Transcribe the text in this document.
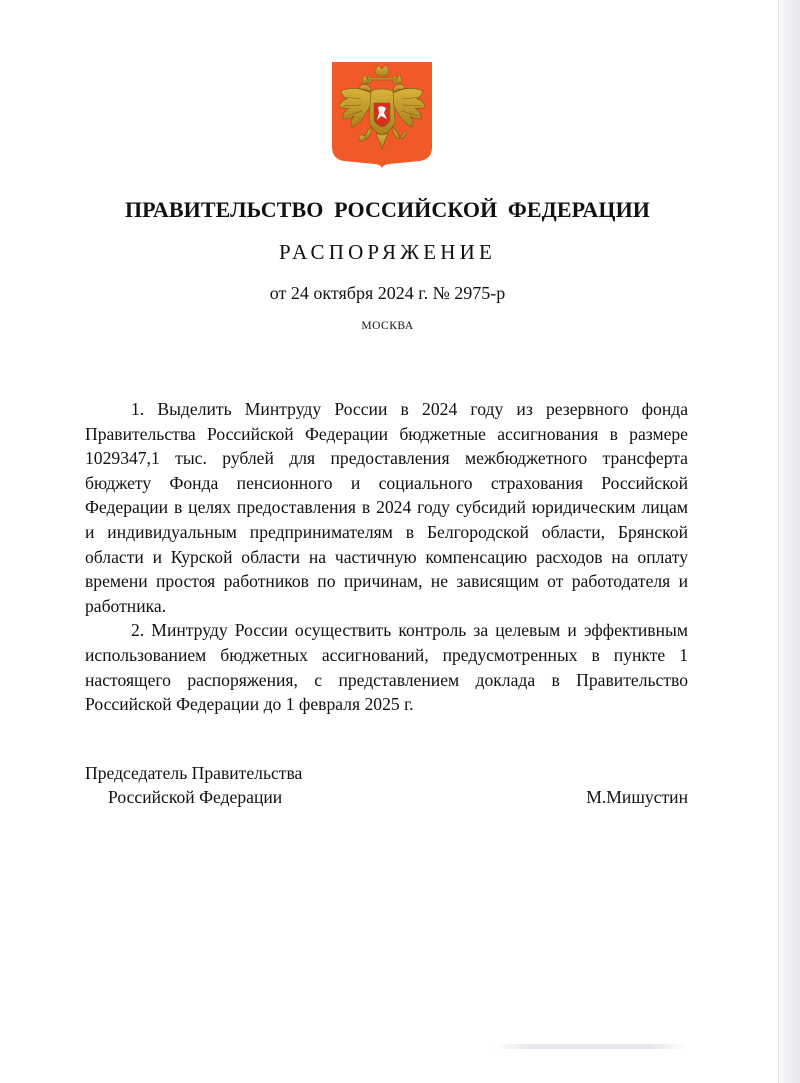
ПРАВИТЕЛЬСТВО РОССИЙСКОЙ ФЕДЕРАЦИИ
РАСПОРЯЖЕНИЕ
от 24 октября 2024 г. № 2975-р
МОСКВА

1. Выделить Минтруду России в 2024 году из резервного фонда Правительства Российской Федерации бюджетные ассигнования в размере 1029347,1 тыс. рублей для предоставления межбюджетного трансферта бюджету Фонда пенсионного и социального страхования Российской Федерации в целях предоставления в 2024 году субсидий юридическим лицам и индивидуальным предпринимателям в Белгородской области, Брянской области и Курской области на частичную компенсацию расходов на оплату времени простоя работников по причинам, не зависящим от работодателя и работника.

2. Минтруду России осуществить контроль за целевым и эффективным использованием бюджетных ассигнований, предусмотренных в пункте 1 настоящего распоряжения, с представлением доклада в Правительство Российской Федерации до 1 февраля 2025 г.

Председатель Правительства
Российской Федерации	М.Мишустин
